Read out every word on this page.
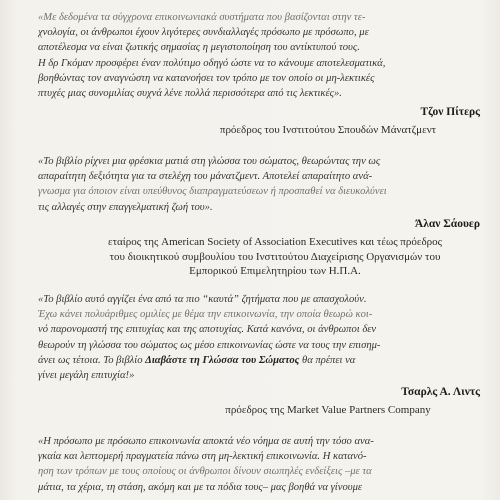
«Με δεδομένα τα σύγχρονα επικοινωνιακά συστήματα που βασίζονται στην τε-
χνολογία, οι άνθρωποι έχουν λιγότερες συνδιαλλαγές πρόσωπο με πρόσωπο, με
αποτέλεσμα να είναι ζωτικής σημασίας η μεγιστοποίηση του αντίκτυπού τους.
Η δρ Γκόμαν προσφέρει έναν πολύτιμο οδηγό ώστε να το κάνουμε αποτελεσματικά,
βοηθώντας τον αναγνώστη να κατανοήσει τον τρόπο με τον οποίο οι μη-λεκτικές
πτυχές μιας συνομιλίας συχνά λένε πολλά περισσότερα από τις λεκτικές».
Τζον Πίτερς
πρόεδρος του Ινστιτούτου Σπουδών Μάνατζμεντ
«Το βιβλίο ρίχνει μια φρέσκια ματιά στη γλώσσα του σώματος, θεωρώντας την ως
απαραίτητη δεξιότητα για τα στελέχη του μάνατζμεντ. Αποτελεί απαραίτητο ανά-
γνωσμα για όποιον είναι υπεύθυνος διαπραγματεύσεων ή προσπαθεί να διευκολύνει
τις αλλαγές στην επαγγελματική ζωή του».
Άλαν Σάουερ
εταίρος της American Society of Association Executives και τέως πρόεδρος
του διοικητικού συμβουλίου του Ινστιτούτου Διαχείρισης Οργανισμών του
Εμπορικού Επιμελητηρίου των Η.Π.Α.
«Το βιβλίο αυτό αγγίζει ένα από τα πιο “καυτά” ζητήματα που με απασχολούν.
Έχω κάνει πολυάριθμες ομιλίες με θέμα την επικοινωνία, την οποία θεωρώ κοι-
νό παρονομαστή της επιτυχίας και της αποτυχίας. Κατά κανόνα, οι άνθρωποι δεν
θεωρούν τη γλώσσα του σώματος ως μέσο επικοινωνίας ώστε να τους την επισημ-
άνει ως τέτοια. Το βιβλίο Διαβάστε τη Γλώσσα του Σώματος θα πρέπει να
γίνει μεγάλη επιτυχία!»
Τσαρλς Α. Λιντς
πρόεδρος της Market Value Partners Company
«Η πρόσωπο με πρόσωπο επικοινωνία αποκτά νέο νόημα σε αυτή την τόσο ανα-
γκαία και λεπτομερή πραγματεία πάνω στη μη-λεκτική επικοινωνία. Η κατανό-
ηση των τρόπων με τους οποίους οι άνθρωποι δίνουν σιωπηλές ενδείξεις –με τα
μάτια, τα χέρια, τη στάση, ακόμη και με τα πόδια τους– μας βοηθά να γίνουμε
